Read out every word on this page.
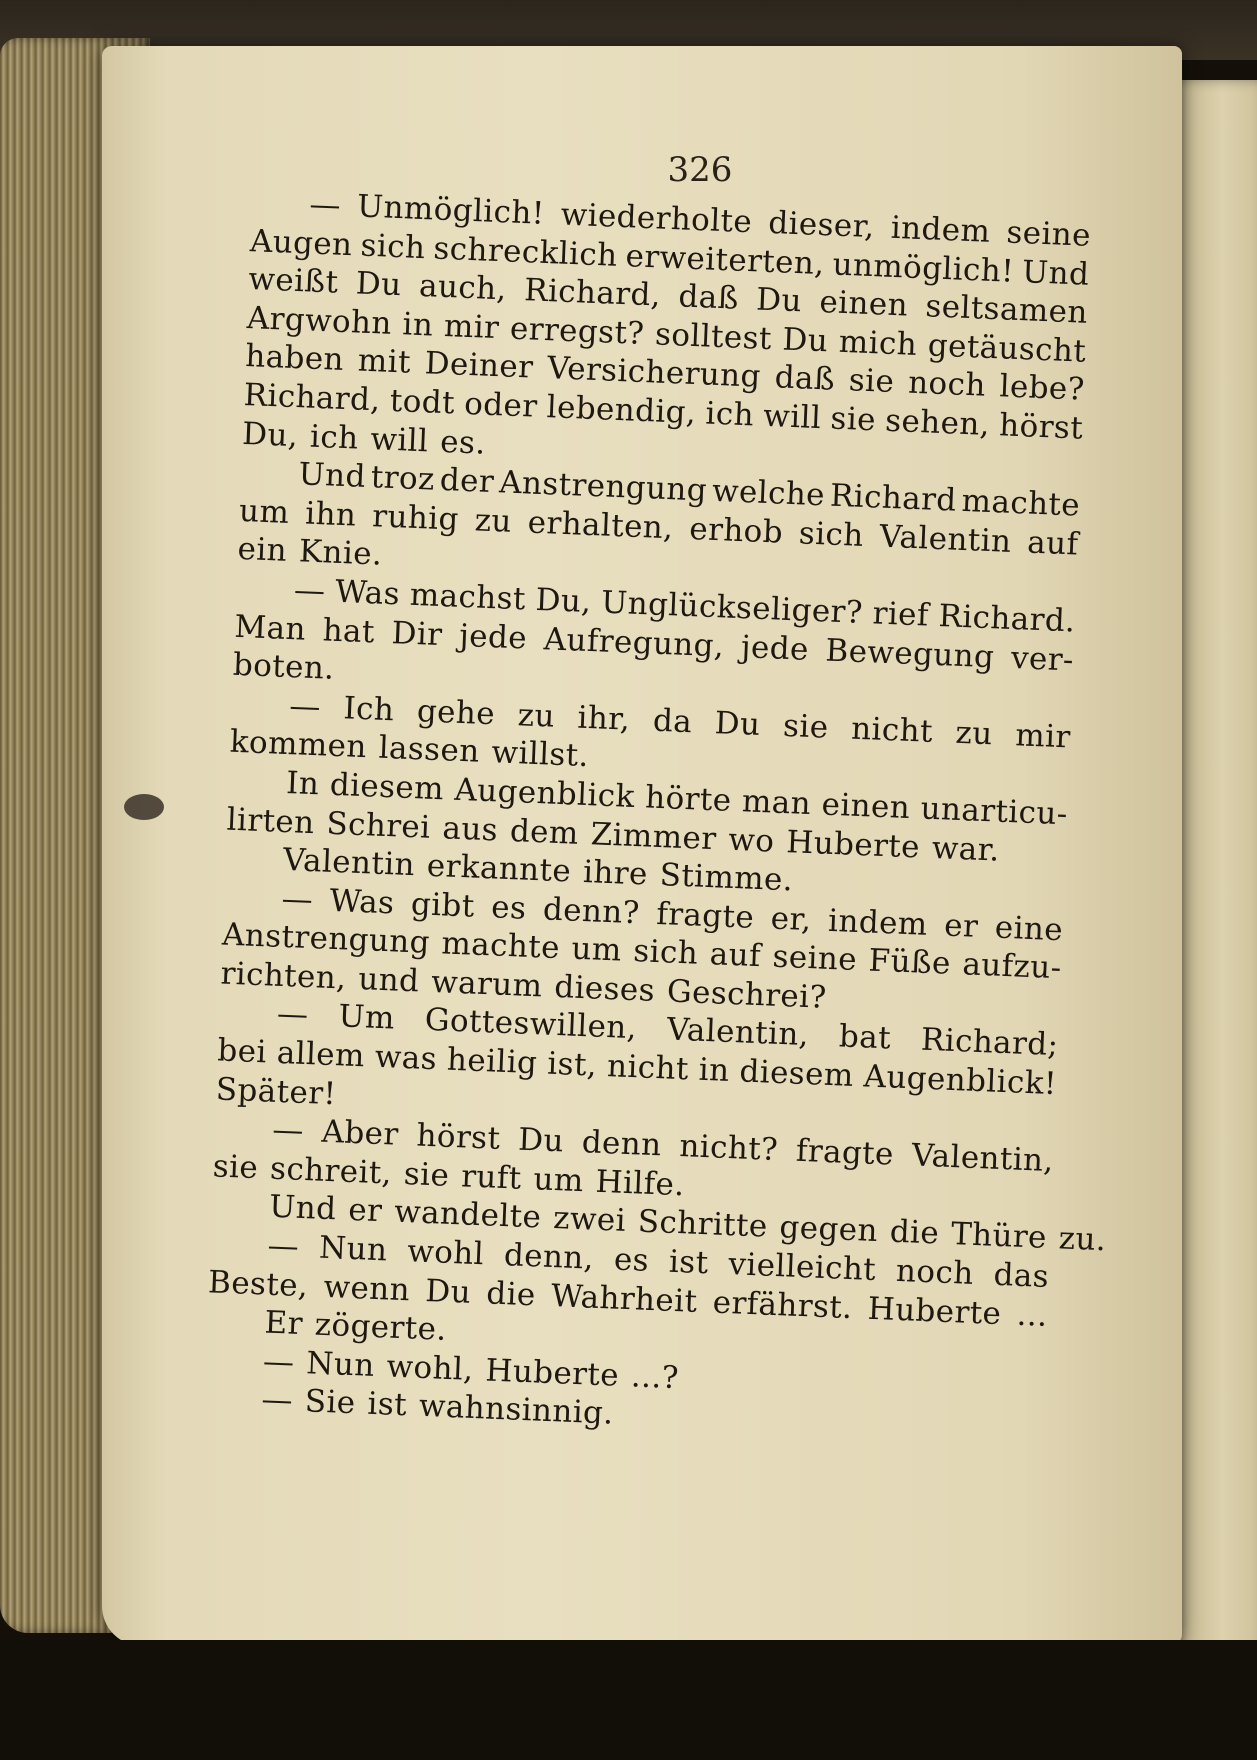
326
— Unmöglich! wiederholte dieser, indem seine
Augen sich schrecklich erweiterten, unmöglich! Und
weißt Du auch, Richard, daß Du einen seltsamen
Argwohn in mir erregst? solltest Du mich getäuscht
haben mit Deiner Versicherung daß sie noch lebe?
Richard, todt oder lebendig, ich will sie sehen, hörst
Du, ich will es.
Und troz der Anstrengung welche Richard machte
um ihn ruhig zu erhalten, erhob sich Valentin auf
ein Knie.
— Was machst Du, Unglückseliger? rief Richard.
Man hat Dir jede Aufregung, jede Bewegung ver-
boten.
— Ich gehe zu ihr, da Du sie nicht zu mir
kommen lassen willst.
In diesem Augenblick hörte man einen unarticu-
lirten Schrei aus dem Zimmer wo Huberte war.
Valentin erkannte ihre Stimme.
— Was gibt es denn? fragte er, indem er eine
Anstrengung machte um sich auf seine Füße aufzu-
richten, und warum dieses Geschrei?
— Um Gotteswillen, Valentin, bat Richard;
bei allem was heilig ist, nicht in diesem Augenblick!
Später!
— Aber hörst Du denn nicht? fragte Valentin,
sie schreit, sie ruft um Hilfe.
Und er wandelte zwei Schritte gegen die Thüre zu.
— Nun wohl denn, es ist vielleicht noch das
Beste, wenn Du die Wahrheit erfährst. Huberte ...
Er zögerte.
— Nun wohl, Huberte ...?
— Sie ist wahnsinnig.
